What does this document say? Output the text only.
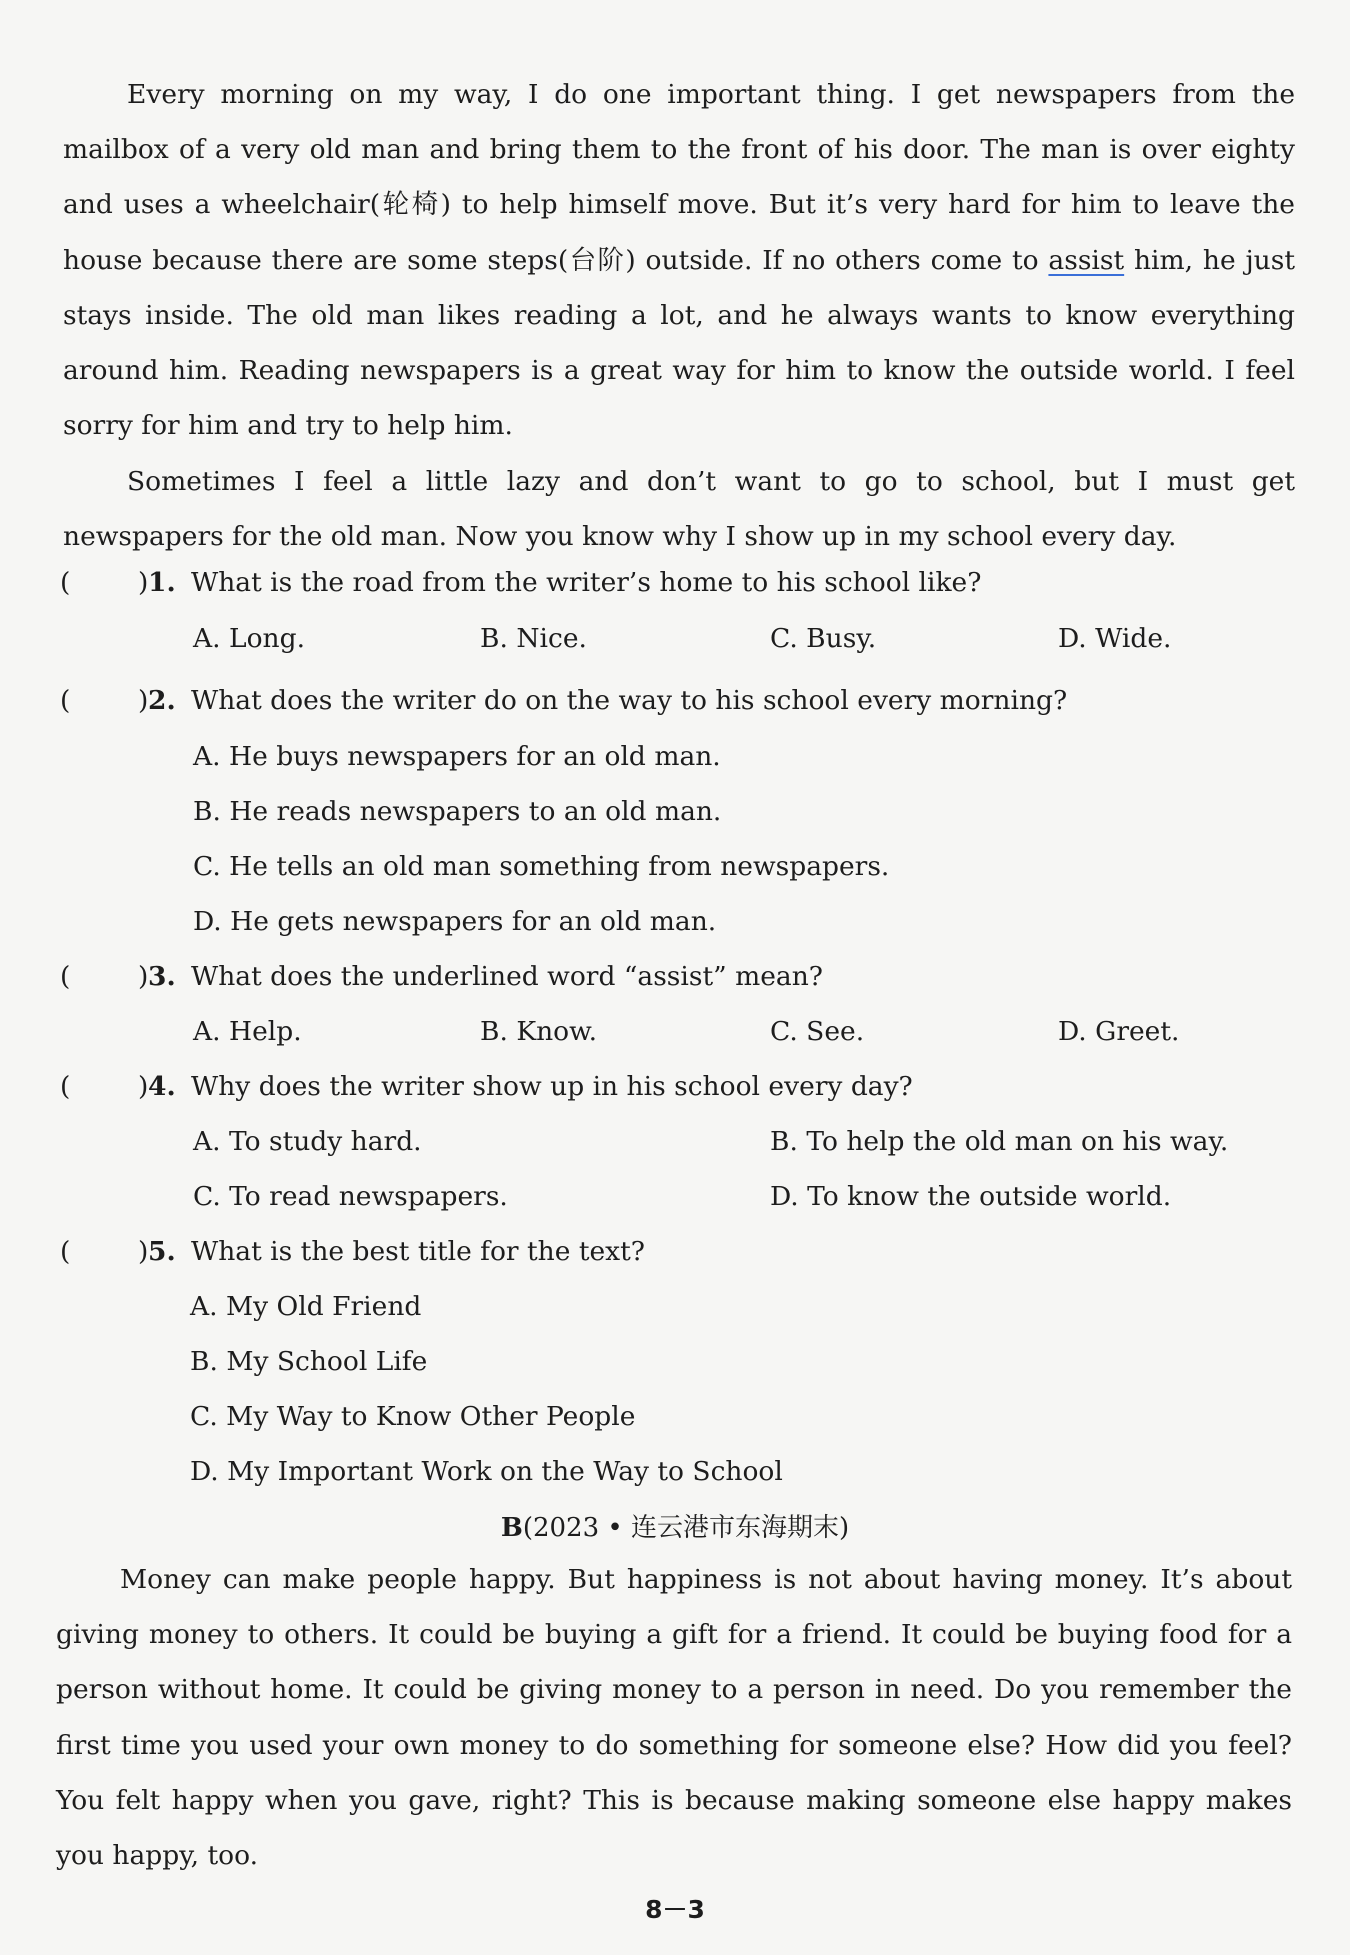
Every morning on my way, I do one important thing. I get newspapers from the mailbox of a very old man and bring them to the front of his door. The man is over eighty and uses a wheelchair(轮椅) to help himself move. But it’s very hard for him to leave the house because there are some steps(台阶) outside. If no others come to assist him, he just stays inside. The old man likes reading a lot, and he always wants to know everything around him. Reading newspapers is a great way for him to know the outside world. I feel sorry for him and try to help him.

Sometimes I feel a little lazy and don’t want to go to school, but I must get newspapers for the old man. Now you know why I show up in my school every day.

(	) 1. What is the road from the writer’s home to his school like?
A. Long.	B. Nice.	C. Busy.	D. Wide.
(	) 2. What does the writer do on the way to his school every morning?
A. He buys newspapers for an old man.
B. He reads newspapers to an old man.
C. He tells an old man something from newspapers.
D. He gets newspapers for an old man.
(	) 3. What does the underlined word “assist” mean?
A. Help.	B. Know.	C. See.	D. Greet.
(	) 4. Why does the writer show up in his school every day?
A. To study hard.	B. To help the old man on his way.
C. To read newspapers.	D. To know the outside world.
(	) 5. What is the best title for the text?
A. My Old Friend
B. My School Life
C. My Way to Know Other People
D. My Important Work on the Way to School
B(2023 • 连云港市东海期末)

Money can make people happy. But happiness is not about having money. It’s about giving money to others. It could be buying a gift for a friend. It could be buying food for a person without home. It could be giving money to a person in need. Do you remember the first time you used your own money to do something for someone else? How did you feel? You felt happy when you gave, right? This is because making someone else happy makes you happy, too.

8－3
